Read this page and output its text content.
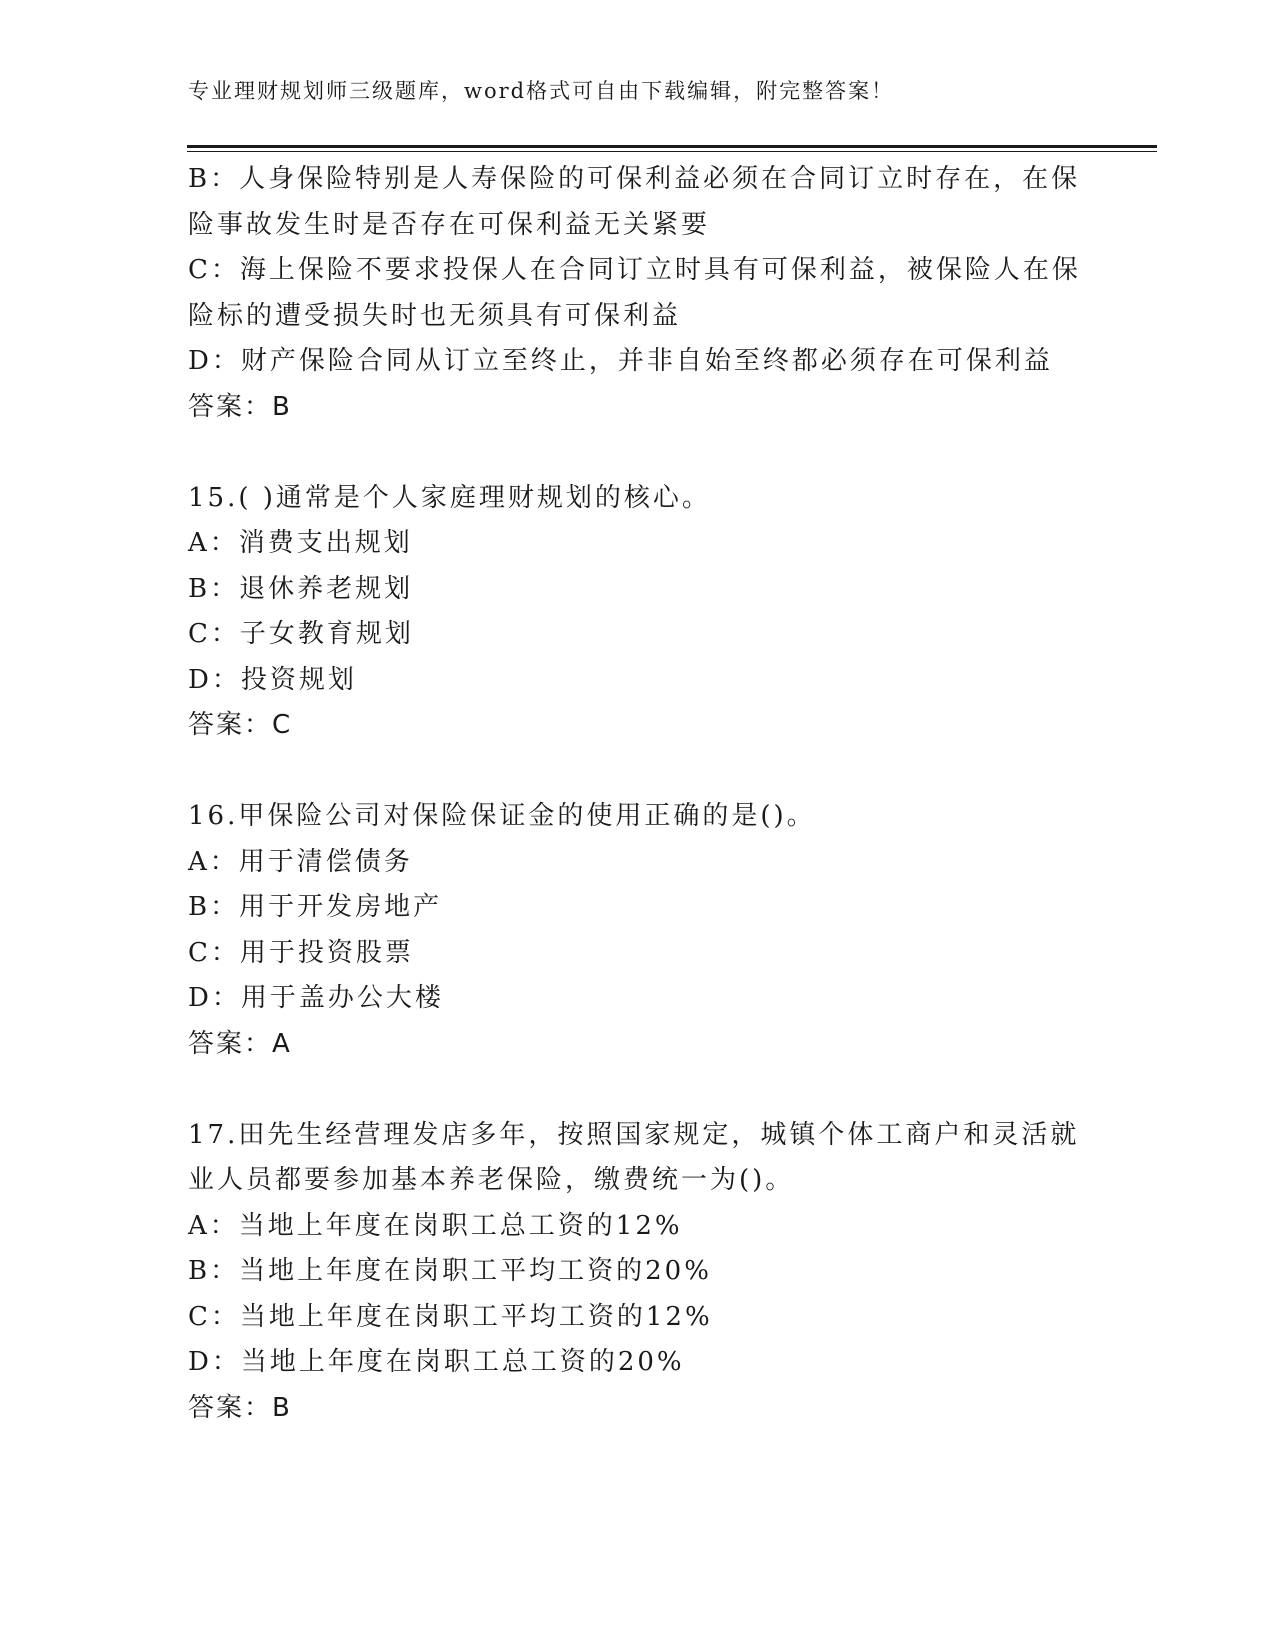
专业理财规划师三级题库，word格式可自由下载编辑，附完整答案！
B：人身保险特别是人寿保险的可保利益必须在合同订立时存在，在保
险事故发生时是否存在可保利益无关紧要
C：海上保险不要求投保人在合同订立时具有可保利益，被保险人在保
险标的遭受损失时也无须具有可保利益
D：财产保险合同从订立至终止，并非自始至终都必须存在可保利益
答案：B
15.( )通常是个人家庭理财规划的核心。
A：消费支出规划
B：退休养老规划
C：子女教育规划
D：投资规划
答案：C
16.甲保险公司对保险保证金的使用正确的是()。
A：用于清偿债务
B：用于开发房地产
C：用于投资股票
D：用于盖办公大楼
答案：A
17.田先生经营理发店多年，按照国家规定，城镇个体工商户和灵活就
业人员都要参加基本养老保险，缴费统一为()。
A：当地上年度在岗职工总工资的12%
B：当地上年度在岗职工平均工资的20%
C：当地上年度在岗职工平均工资的12%
D：当地上年度在岗职工总工资的20%
答案：B
